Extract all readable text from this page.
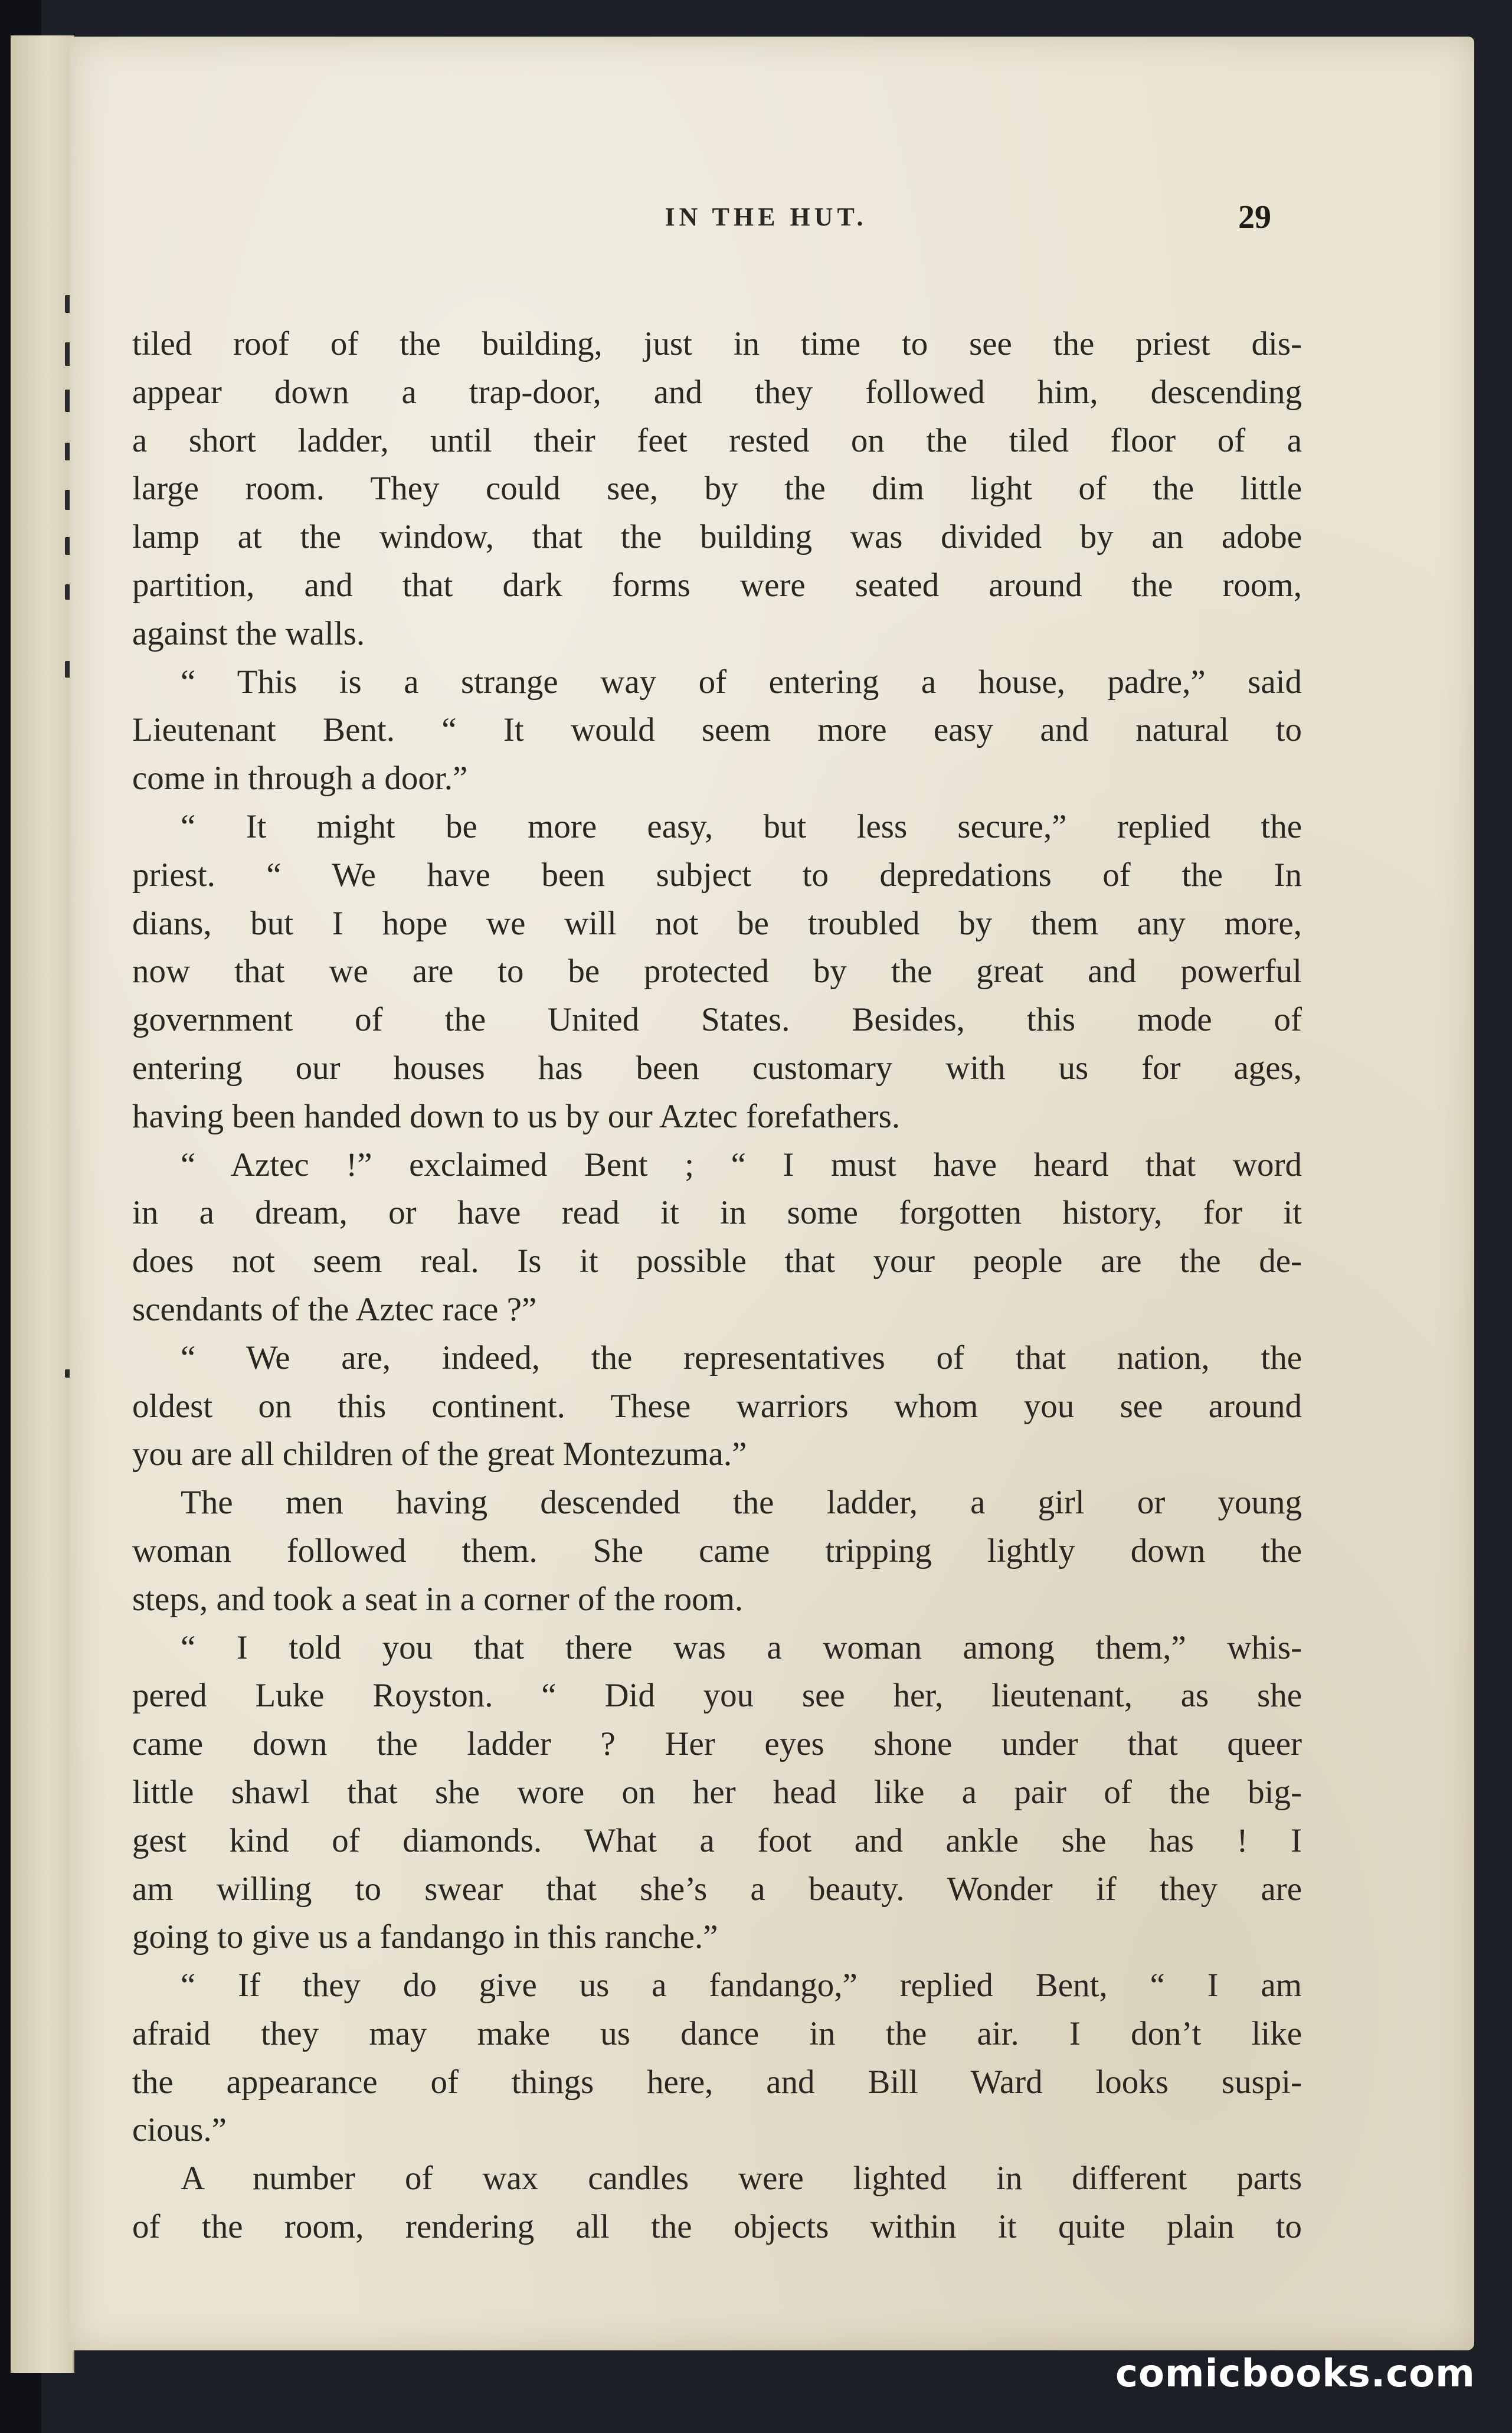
IN THE HUT.	29
tiled roof of the building, just in time to see the priest dis-
appear down a trap-door, and they followed him, descending
a short ladder, until their feet rested on the tiled floor of a
large room. They could see, by the dim light of the little
lamp at the window, that the building was divided by an adobe
partition, and that dark forms were seated around the room,
against the walls.
“ This is a strange way of entering a house, padre,” said
Lieutenant Bent. “ It would seem more easy and natural to
come in through a door.”
“ It might be more easy, but less secure,” replied the
priest. “ We have been subject to depredations of the In
dians, but I hope we will not be troubled by them any more,
now that we are to be protected by the great and powerful
government of the United States. Besides, this mode of
entering our houses has been customary with us for ages,
having been handed down to us by our Aztec forefathers.
“ Aztec !” exclaimed Bent ; “ I must have heard that word
in a dream, or have read it in some forgotten history, for it
does not seem real. Is it possible that your people are the de-
scendants of the Aztec race ?”
“ We are, indeed, the representatives of that nation, the
oldest on this continent. These warriors whom you see around
you are all children of the great Montezuma.”
The men having descended the ladder, a girl or young
woman followed them. She came tripping lightly down the
steps, and took a seat in a corner of the room.
“ I told you that there was a woman among them,” whis-
pered Luke Royston. “ Did you see her, lieutenant, as she
came down the ladder ? Her eyes shone under that queer
little shawl that she wore on her head like a pair of the big-
gest kind of diamonds. What a foot and ankle she has ! I
am willing to swear that she’s a beauty. Wonder if they are
going to give us a fandango in this ranche.”
“ If they do give us a fandango,” replied Bent, “ I am
afraid they may make us dance in the air. I don’t like
the appearance of things here, and Bill Ward looks suspi-
cious.”
A number of wax candles were lighted in different parts
of the room, rendering all the objects within it quite plain to
comicbooks.com
